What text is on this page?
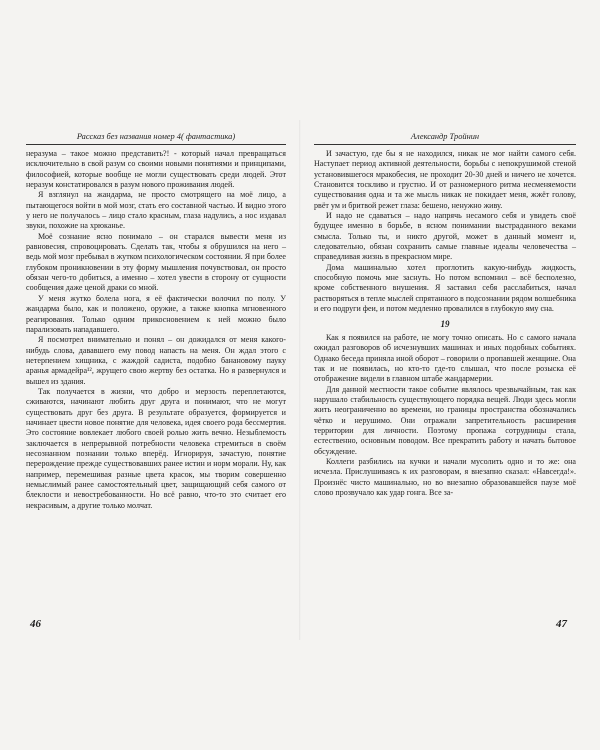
Рассказ без названия номер 4( фантастика)

неразума – такое можно представить?! - который начал превращаться исключительно в свой разум со своими новыми понятиями и принципами, философией, которые вообще не могли существовать среди людей. Этот неразум констатировался в разум нового проживания людей.

Я взглянул на жандарма, не просто смотрящего на моё лицо, а пытающегося войти в мой мозг, стать его составной частью. И видно этого у него не получалось – лицо стало красным, глаза надулись, а нос издавал звуки, похожие на хрюканье.

Моё сознание ясно понимало – он старался вывести меня из равновесия, спровоцировать. Сделать так, чтобы я обрушился на него – ведь мой мозг пребывал в жутком психологическом состоянии. Я при более глубоком проникновении в эту форму мышления почувствовал, он просто обязан чего-то добиться, а именно – хотел увести в сторону от сущности сообщения даже ценой драки со мной.

У меня жутко болела нога, я её фактически волочил по полу. У жандарма было, как и положено, оружие, а также кнопка мгновенного реагирования. Только одним прикосновением к ней можно было парализовать нападавшего.

Я посмотрел внимательно и понял – он дожидался от меня какого-нибудь слова, дававшего ему повод напасть на меня. Он ждал этого с нетерпением хищника, с жаждой садиста, подобно банановому пауку аранья армадейра¹², жрущего свою жертву без остатка. Но я развернулся и вышел из здания.

Так получается в жизни, что добро и мерзость переплетаются, сживаются, начинают любить друг друга и понимают, что не могут существовать друг без друга. В результате образуется, формируется и начинает цвести новое понятие для человека, идея своего рода бессмертия. Это состояние вовлекает любого своей ролью жить вечно. Незыблемость заключается в непрерывной потребности человека стремиться в своём несознанном познании только вперёд. Игнорируя, зачастую, понятие перерождение прежде существовавших ранее истин и норм морали. Ну, как например, перемешивая разные цвета красок, мы творим совершенно немыслимый ранее самостоятельный цвет, защищающий себя самого от блеклости и невостребованности. Но всё равно, что-то это считает его некрасивым, а другие только молчат.

Александр Тройнин

И зачастую, где бы я не находился, никак не мог найти самого себя. Наступает период активной деятельности, борьбы с непокрушимой стеной установившегося мракобесия, не проходит 20-30 дней и ничего не хочется. Становится тоскливо и грустно. И от разномерного ритма несменяемости существования одна и та же мысль никак не покидает меня, жжёт голову, рвёт ум и бритвой режет глаза: бешено, ненужно живу.

И надо не сдаваться – надо напрячь несамого себя и увидеть своё будущее именно в борьбе, в ясном понимании выстраданного веками смысла. Только ты, и никто другой, может в данный момент и, следовательно, обязан сохранить самые главные идеалы человечества –справедливая жизнь в прекрасном мире.

Дома машинально хотел проглотить какую-нибудь жидкость, способную помочь мне заснуть. Но потом вспомнил – всё бесполезно, кроме собственного внушения. Я заставил себя расслабиться, начал растворяться в тепле мыслей спрятанного в подсознании рядом волшебника и его подруги феи, и потом медленно провалился в глубокую яму сна.

19

Как я появился на работе, не могу точно описать. Но с самого начала ожидал разговоров об исчезнувших машинах и иных подобных событиях. Однако беседа приняла иной оборот – говорили о пропавшей женщине. Она так и не появилась, но кто-то где-то слышал, что после розыска её отображение видели в главном штабе жандармерии.

Для данной местности такое событие являлось чрезвычайным, так как нарушало стабильность существующего порядка вещей. Люди здесь могли жить неограниченно во времени, но границы пространства обозначались чётко и нерушимо. Они отражали запретительность расширения территории для личности. Поэтому пропажа сотрудницы стала, естественно, основным поводом. Все прекратить работу и начать бытовое обсуждение.

Коллеги разбились на кучки и начали мусолить одно и то же: она исчезла. Прислушиваясь к их разговорам, я внезапно сказал: «Навсегда!». Произнёс чисто машинально, но во внезапно образовавшейся паузе моё слово прозвучало как удар гонга. Все за-

46	47
